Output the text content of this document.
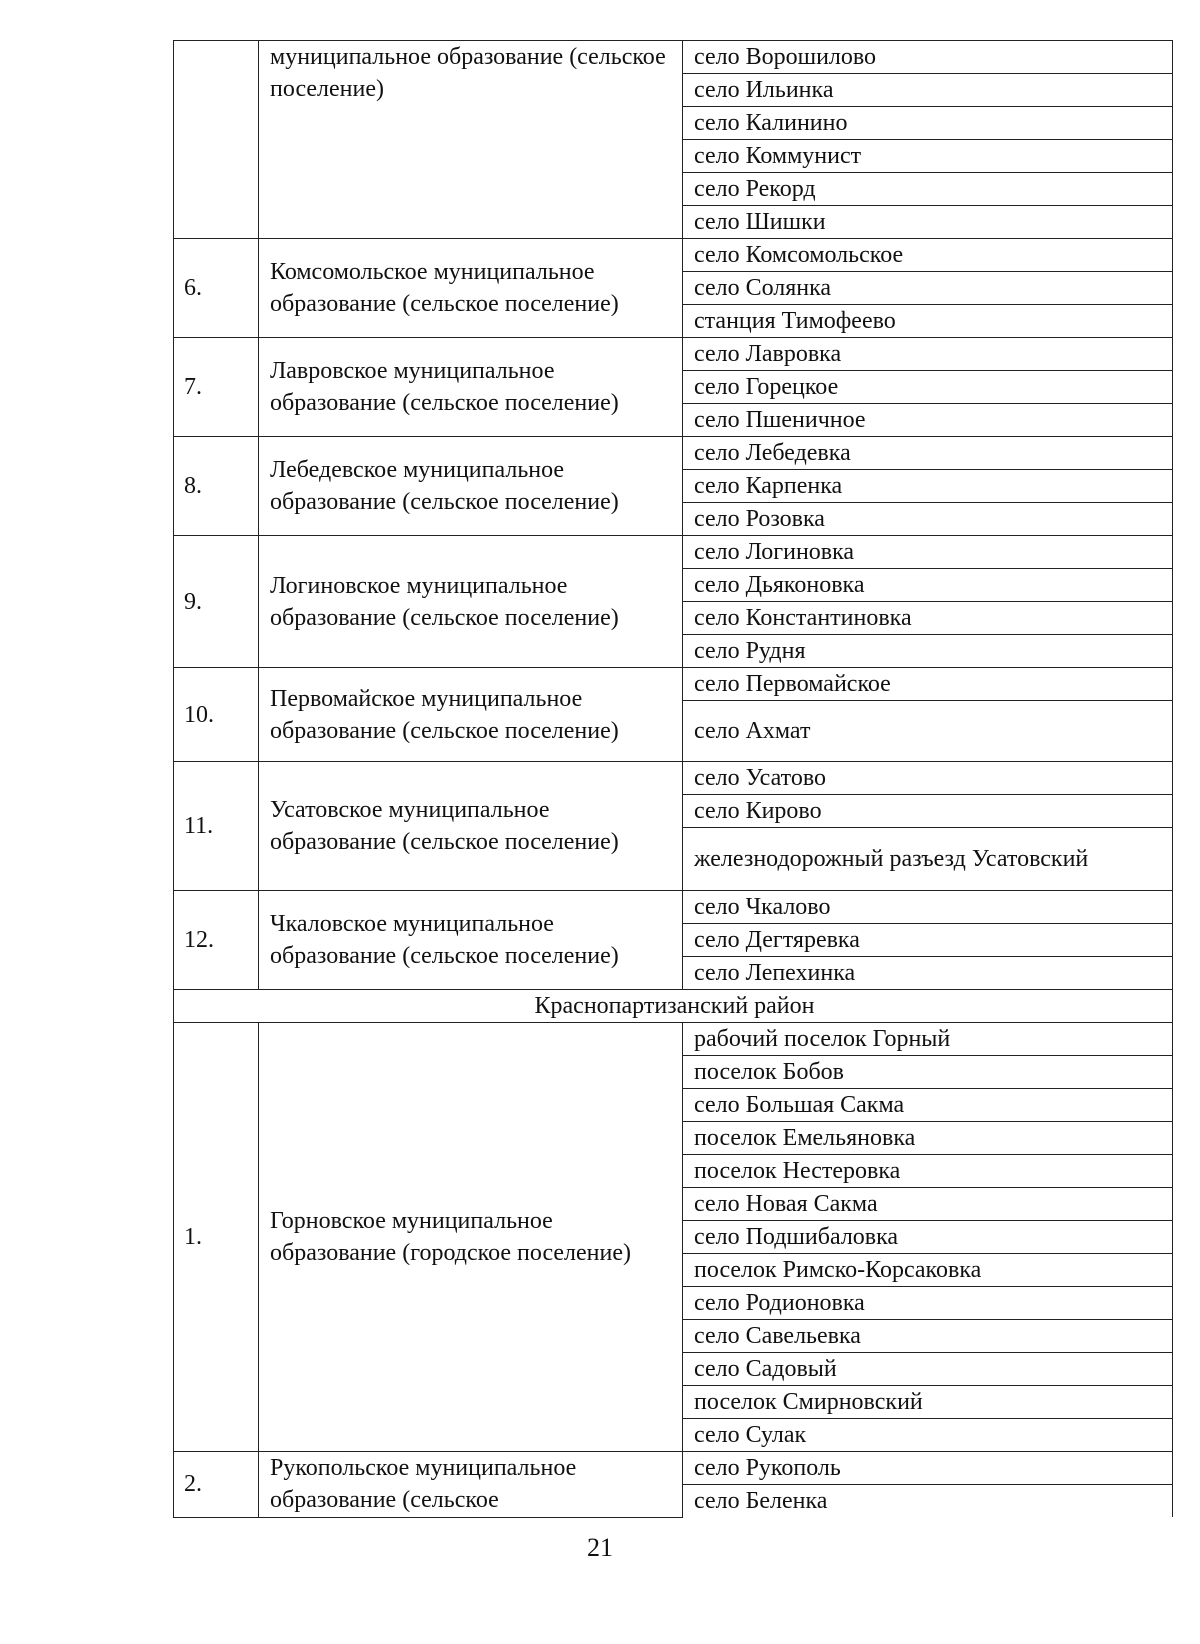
	муниципальное образование (сельское поселение)	село Ворошилово
		село Ильинка
		село Калинино
		село Коммунист
		село Рекорд
		село Шишки
6.	Комсомольское муниципальное образование (сельское поселение)	село Комсомольское
		село Солянка
		станция Тимофеево
7.	Лавровское муниципальное образование (сельское поселение)	село Лавровка
		село Горецкое
		село Пшеничное
8.	Лебедевское муниципальное образование (сельское поселение)	село Лебедевка
		село Карпенка
		село Розовка
9.	Логиновское муниципальное образование (сельское поселение)	село Логиновка
		село Дьяконовка
		село Константиновка
		село Рудня
10.	Первомайское муниципальное образование (сельское поселение)	село Первомайское
		село Ахмат
11.	Усатовское муниципальное образование (сельское поселение)	село Усатово
		село Кирово
		железнодорожный разъезд Усатовский
12.	Чкаловское муниципальное образование (сельское поселение)	село Чкалово
		село Дегтяревка
		село Лепехинка
Краснопартизанский район		
1.	Горновское муниципальное образование (городское поселение)	рабочий поселок Горный
		поселок Бобов
		село Большая Сакма
		поселок Емельяновка
		поселок Нестеровка
		село Новая Сакма
		село Подшибаловка
		поселок Римско-Корсаковка
		село Родионовка
		село Савельевка
		село Садовый
		поселок Смирновский
		село Сулак
2.	Рукопольское муниципальное образование (сельское	село Рукополь
		село Беленка
21
